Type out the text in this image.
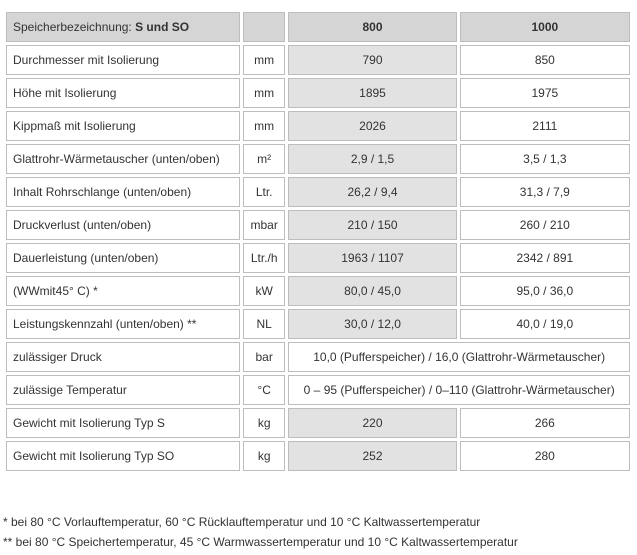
Speicherbezeichnung: S und SO		800	1000
Durchmesser mit Isolierung	mm	790	850
Höhe mit Isolierung	mm	1895	1975
Kippmaß mit Isolierung	mm	2026	2111
Glattrohr-Wärmetauscher (unten/oben)	m²	2,9 / 1,5	3,5 / 1,3
Inhalt Rohrschlange (unten/oben)	Ltr.	26,2 / 9,4	31,3 / 7,9
Druckverlust (unten/oben)	mbar	210 / 150	260 / 210
Dauerleistung (unten/oben)	Ltr./h	1963 / 1107	2342 / 891
(WWmit45° C) *	kW	80,0 / 45,0	95,0 / 36,0
Leistungskennzahl (unten/oben) **	NL	30,0 / 12,0	40,0 / 19,0
zulässiger Druck	bar	10,0 (Pufferspeicher) / 16,0 (Glattrohr-Wärmetauscher)	
zulässige Temperatur	°C	0 – 95 (Pufferspeicher) / 0–110 (Glattrohr-Wärmetauscher)	
Gewicht mit Isolierung Typ S	kg	220	266
Gewicht mit Isolierung Typ SO	kg	252	280
* bei 80 °C Vorlauftemperatur, 60 °C Rücklauftemperatur und 10 °C Kaltwassertemperatur
** bei 80 °C Speichertemperatur, 45 °C Warmwassertemperatur und 10 °C Kaltwassertemperatur
